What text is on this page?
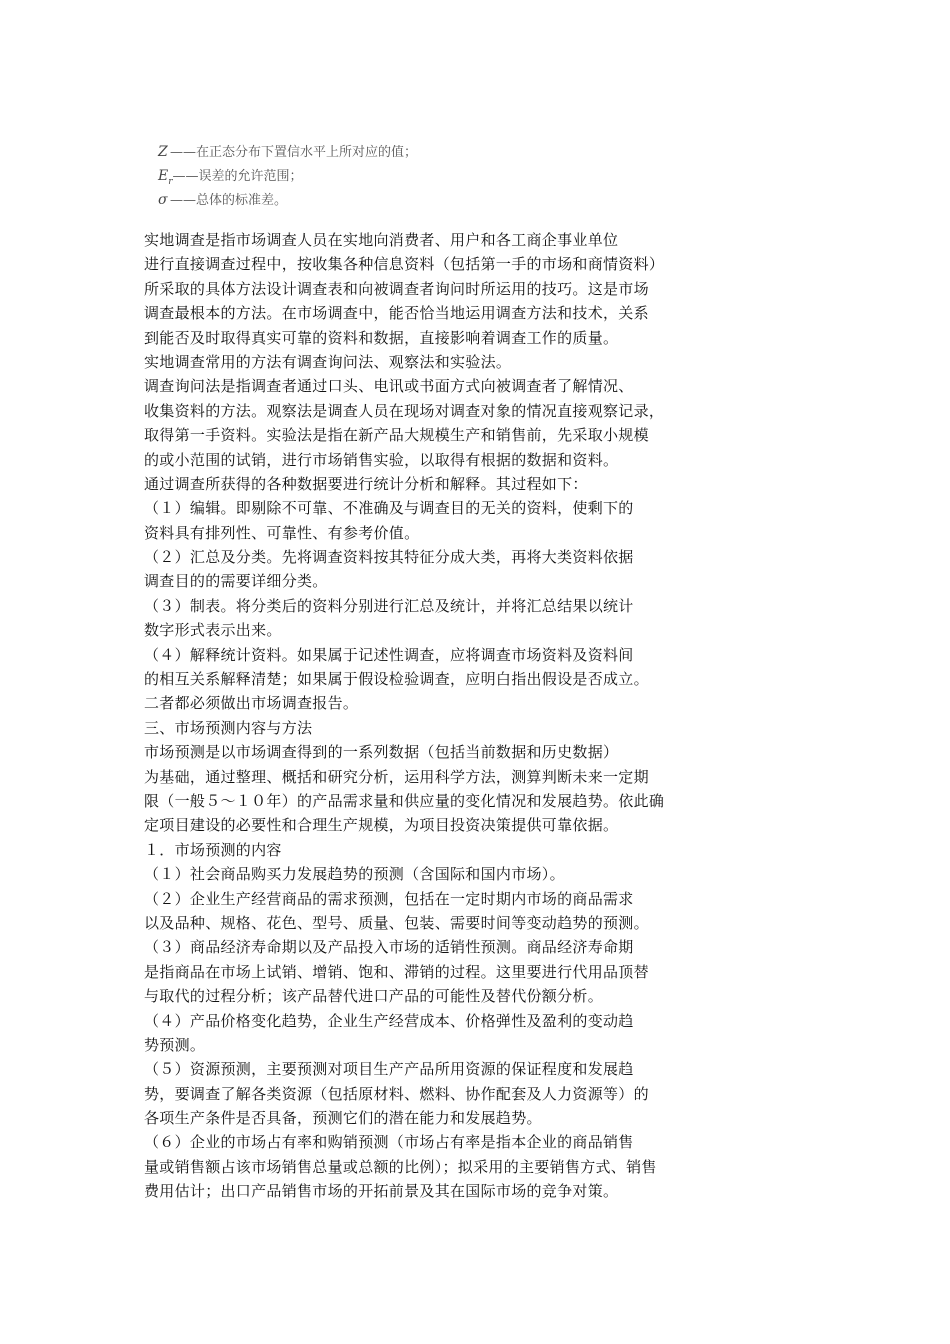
Z ——在正态分布下置信水平上所对应的值；
$E_r——$误差的允许范围；
σ ——总体的标准差。
实地调查是指市场调查人员在实地向消费者、用户和各工商企事业单位
进行直接调查过程中，按收集各种信息资料（包括第一手的市场和商情资料）
所采取的具体方法设计调查表和向被调查者询问时所运用的技巧。这是市场
调查最根本的方法。在市场调查中，能否恰当地运用调查方法和技术，关系
到能否及时取得真实可靠的资料和数据，直接影响着调查工作的质量。
实地调查常用的方法有调查询问法、观察法和实验法。
调查询问法是指调查者通过口头、电讯或书面方式向被调查者了解情况、
收集资料的方法。观察法是调查人员在现场对调查对象的情况直接观察记录，
取得第一手资料。实验法是指在新产品大规模生产和销售前，先采取小规模
的或小范围的试销，进行市场销售实验，以取得有根据的数据和资料。
通过调查所获得的各种数据要进行统计分析和解释。其过程如下：
（１）编辑。即剔除不可靠、不准确及与调查目的无关的资料，使剩下的
资料具有排列性、可靠性、有参考价值。
（２）汇总及分类。先将调查资料按其特征分成大类，再将大类资料依据
调查目的的需要详细分类。
（３）制表。将分类后的资料分别进行汇总及统计，并将汇总结果以统计
数字形式表示出来。
（４）解释统计资料。如果属于记述性调查，应将调查市场资料及资料间
的相互关系解释清楚；如果属于假设检验调查，应明白指出假设是否成立。
二者都必须做出市场调查报告。
三、市场预测内容与方法
市场预测是以市场调查得到的一系列数据（包括当前数据和历史数据）
为基础，通过整理、概括和研究分析，运用科学方法，测算判断未来一定期
限（一般５～１０年）的产品需求量和供应量的变化情况和发展趋势。依此确
定项目建设的必要性和合理生产规模，为项目投资决策提供可靠依据。
１．市场预测的内容
（１）社会商品购买力发展趋势的预测（含国际和国内市场）。
（２）企业生产经营商品的需求预测，包括在一定时期内市场的商品需求
以及品种、规格、花色、型号、质量、包装、需要时间等变动趋势的预测。
（３）商品经济寿命期以及产品投入市场的适销性预测。商品经济寿命期
是指商品在市场上试销、增销、饱和、滞销的过程。这里要进行代用品顶替
与取代的过程分析；该产品替代进口产品的可能性及替代份额分析。
（４）产品价格变化趋势，企业生产经营成本、价格弹性及盈利的变动趋
势预测。
（５）资源预测，主要预测对项目生产产品所用资源的保证程度和发展趋
势，要调查了解各类资源（包括原材料、燃料、协作配套及人力资源等）的
各项生产条件是否具备，预测它们的潜在能力和发展趋势。
（６）企业的市场占有率和购销预测（市场占有率是指本企业的商品销售
量或销售额占该市场销售总量或总额的比例）；拟采用的主要销售方式、销售
费用估计；出口产品销售市场的开拓前景及其在国际市场的竞争对策。
